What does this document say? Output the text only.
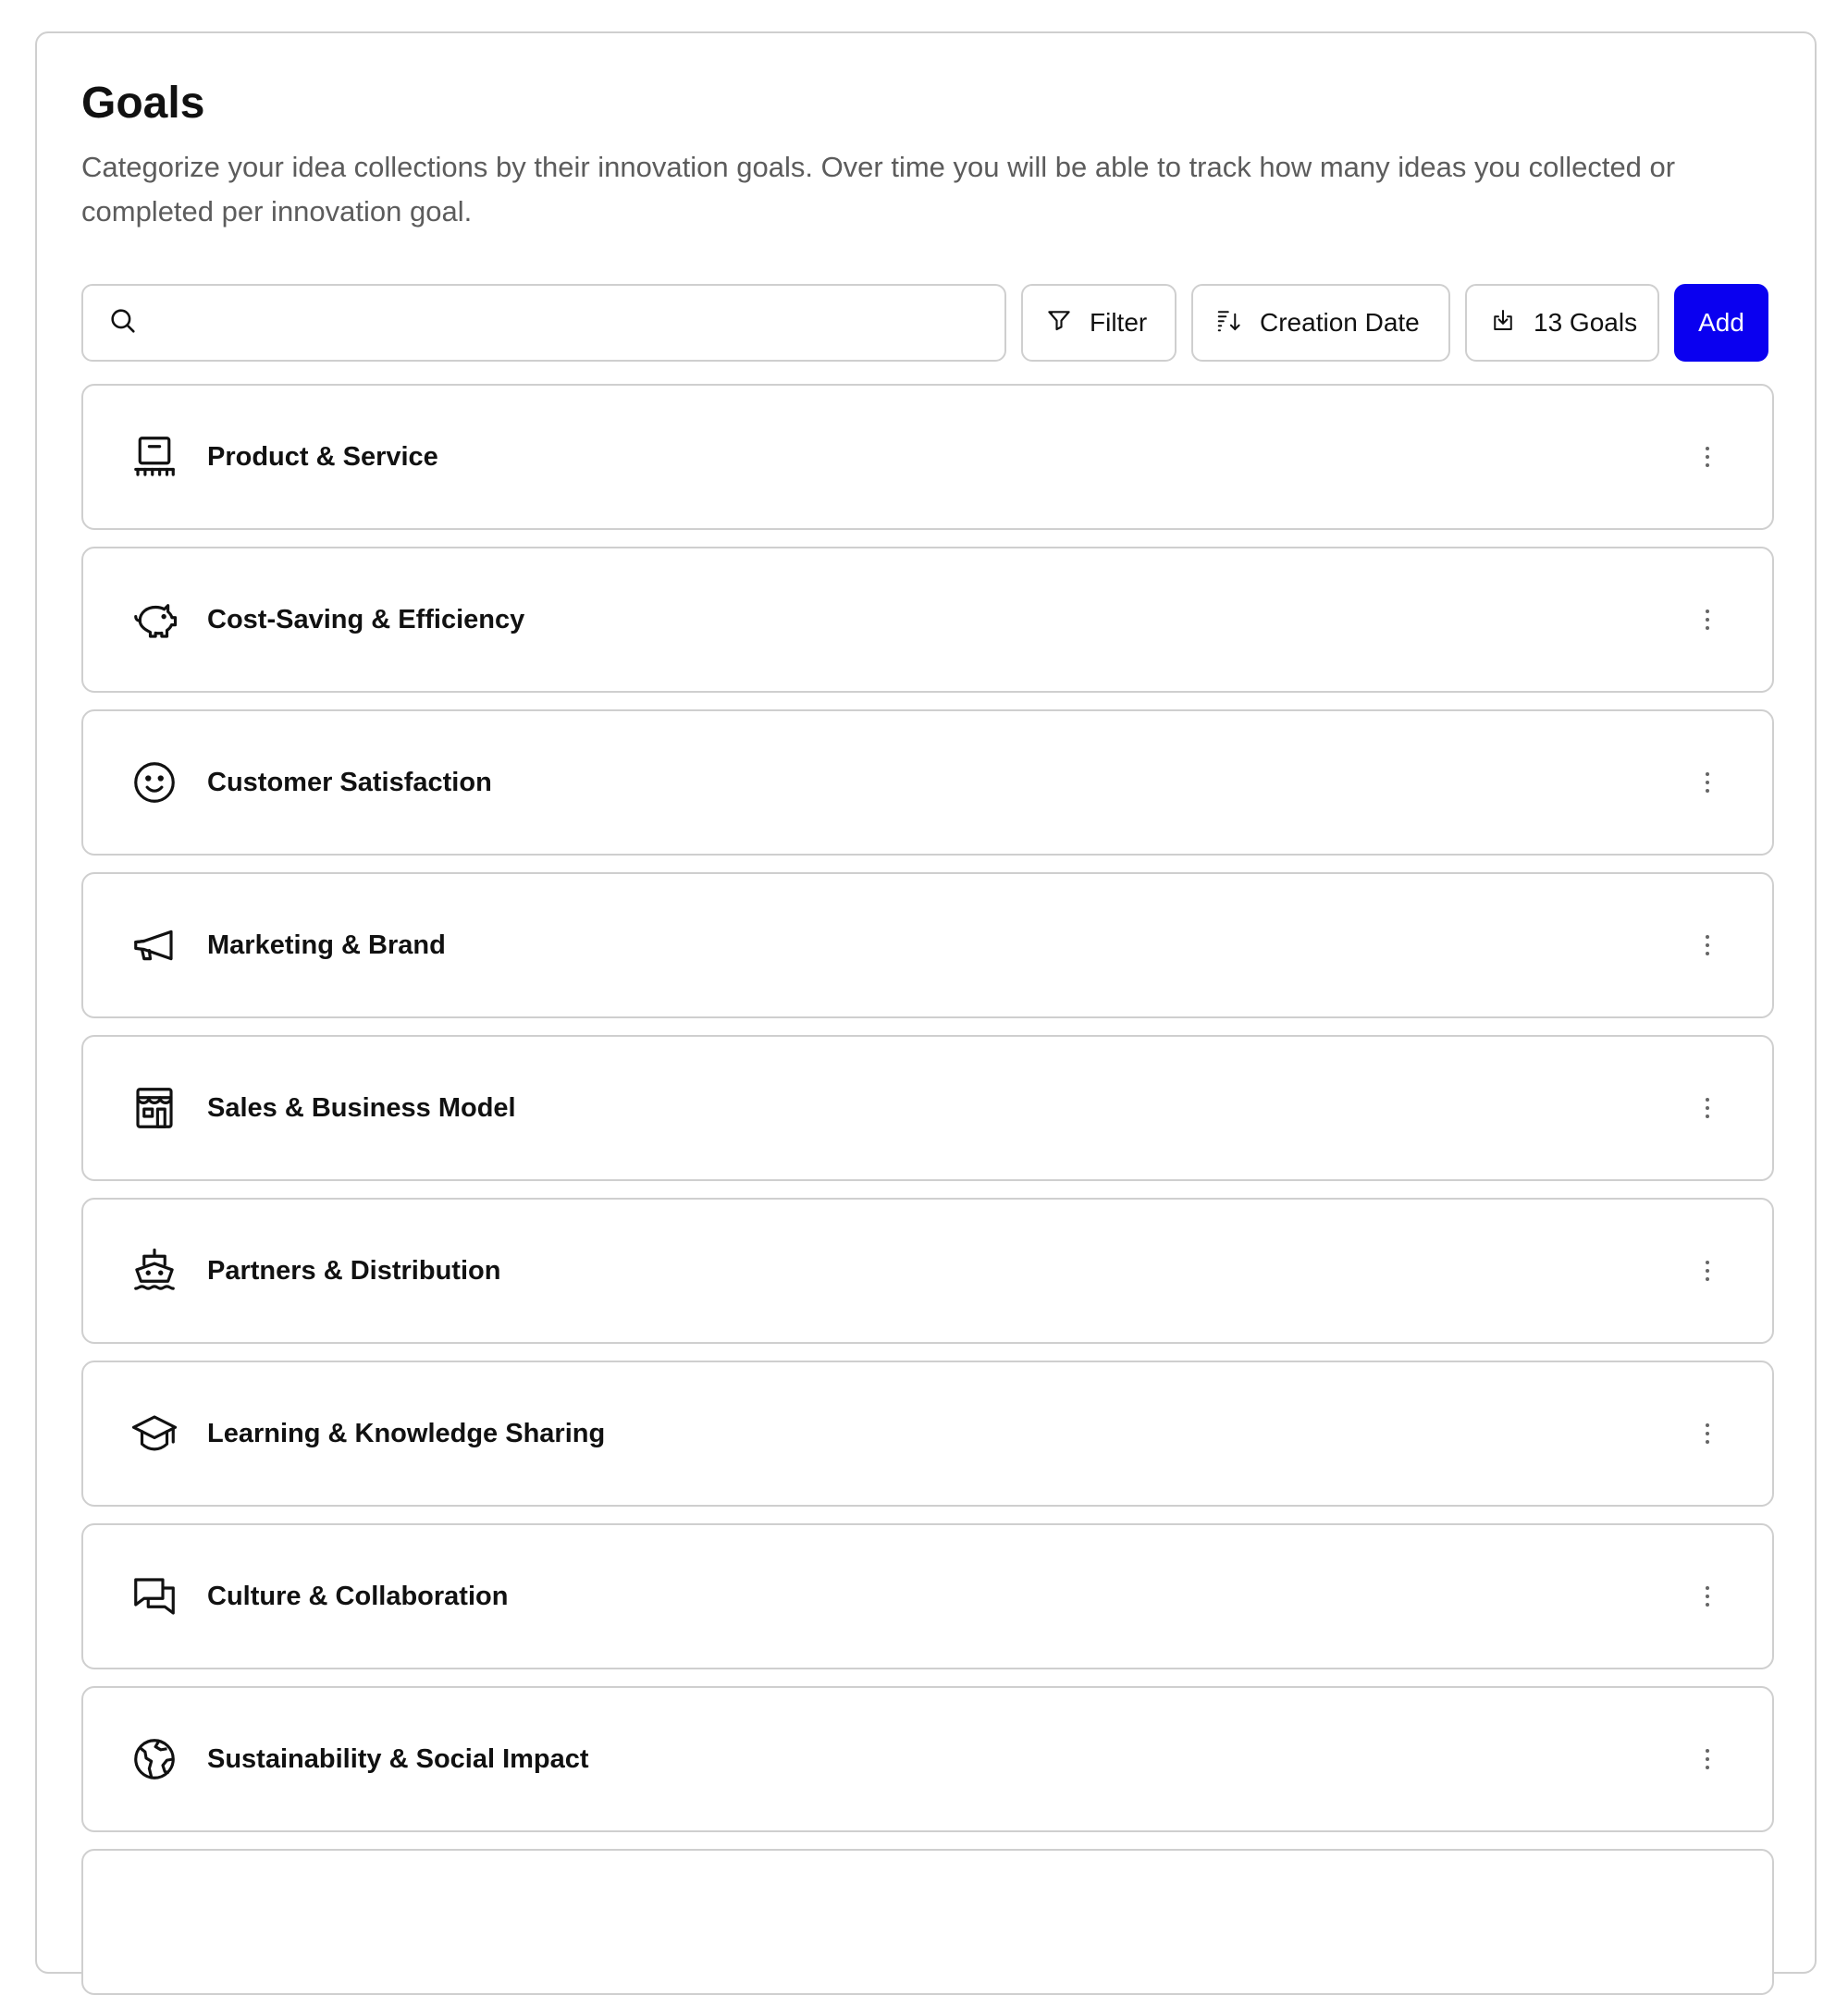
Goals

Categorize your idea collections by their innovation goals. Over time you will be able to track how many ideas you collected or completed per innovation goal.

Filter	Creation Date	13 Goals	Add
Product & Service
Cost-Saving & Efficiency
Customer Satisfaction
Marketing & Brand
Sales & Business Model
Partners & Distribution
Learning & Knowledge Sharing
Culture & Collaboration
Sustainability & Social Impact
